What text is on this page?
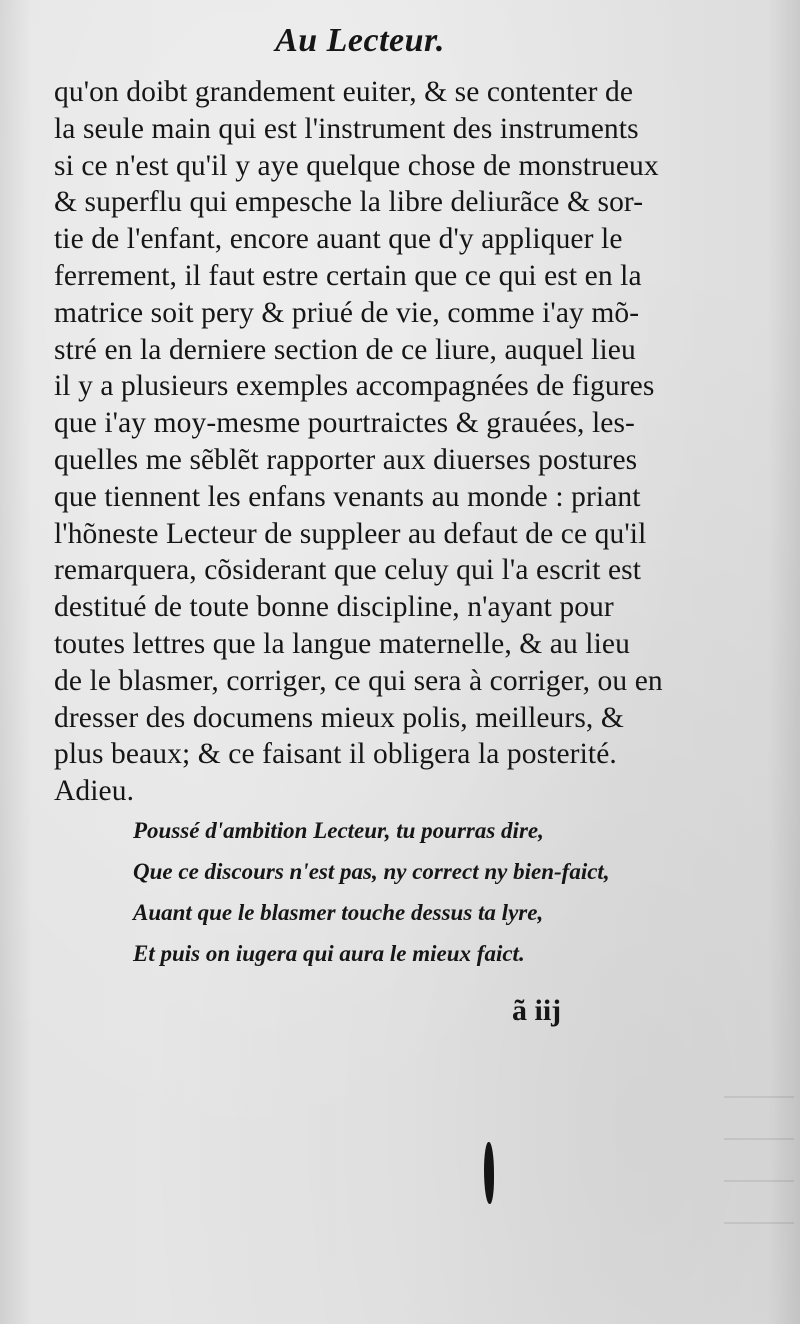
Au Lecteur.
qu'on doibt grandement euiter, & se contenter de
la seule main qui est l'instrument des instruments
si ce n'est qu'il y aye quelque chose de monstrueux
& superflu qui empesche la libre deliurãce & sor-
tie de l'enfant, encore auant que d'y appliquer le
ferrement, il faut estre certain que ce qui est en la
matrice soit pery & priué de vie, comme i'ay mõ-
stré en la derniere section de ce liure, auquel lieu
il y a plusieurs exemples accompagnées de figures
que i'ay moy-mesme pourtraictes & grauées, les-
quelles me sẽblẽt rapporter aux diuerses postures
que tiennent les enfans venants au monde : priant
l'hõneste Lecteur de suppleer au defaut de ce qu'il
remarquera, cõsiderant que celuy qui l'a escrit est
destitué de toute bonne discipline, n'ayant pour
toutes lettres que la langue maternelle, & au lieu
de le blasmer, corriger, ce qui sera à corriger, ou en
dresser des documens mieux polis, meilleurs, &
plus beaux; & ce faisant il obligera la posterité.
Adieu.
Poussé d'ambition Lecteur, tu pourras dire,
Que ce discours n'est pas, ny correct ny bien-faict,
Auant que le blasmer touche dessus ta lyre,
Et puis on iugera qui aura le mieux faict.
ã iij
